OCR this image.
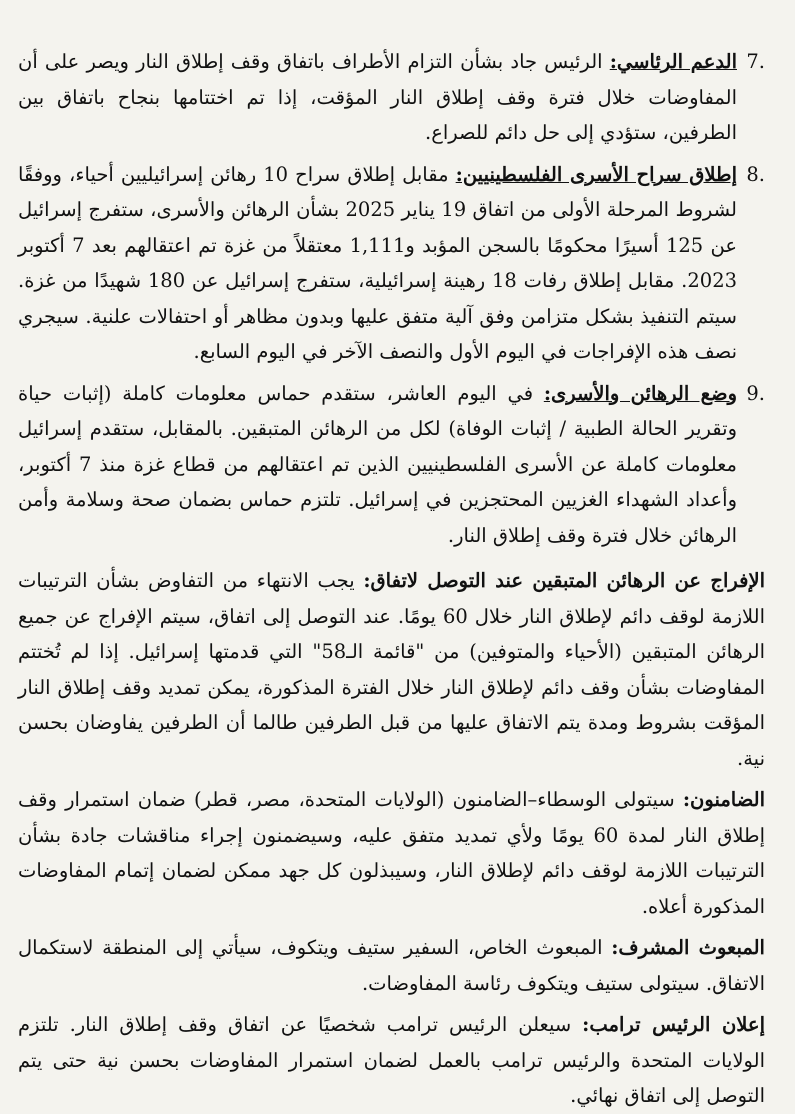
7.
الدعم الرئاسي: الرئيس جاد بشأن التزام الأطراف باتفاق وقف إطلاق النار ويصر على أن المفاوضات خلال فترة وقف إطلاق النار المؤقت، إذا تم اختتامها بنجاح باتفاق بين الطرفين، ستؤدي إلى حل دائم للصراع.

8.
إطلاق سراح الأسرى الفلسطينيين: مقابل إطلاق سراح 10 رهائن إسرائيليين أحياء، ووفقًا لشروط المرحلة الأولى من اتفاق 19 يناير 2025 بشأن الرهائن والأسرى، ستفرج إسرائيل عن 125 أسيرًا محكومًا بالسجن المؤبد و1,111 معتقلاً من غزة تم اعتقالهم بعد 7 أكتوبر 2023. مقابل إطلاق رفات 18 رهينة إسرائيلية، ستفرج إسرائيل عن 180 شهيدًا من غزة. سيتم التنفيذ بشكل متزامن وفق آلية متفق عليها وبدون مظاهر أو احتفالات علنية. سيجري نصف هذه الإفراجات في اليوم الأول والنصف الآخر في اليوم السابع.

9.
وضع الرهائن والأسرى: في اليوم العاشر، ستقدم حماس معلومات كاملة (إثبات حياة وتقرير الحالة الطبية / إثبات الوفاة) لكل من الرهائن المتبقين. بالمقابل، ستقدم إسرائيل معلومات كاملة عن الأسرى الفلسطينيين الذين تم اعتقالهم من قطاع غزة منذ 7 أكتوبر، وأعداد الشهداء الغزيين المحتجزين في إسرائيل. تلتزم حماس بضمان صحة وسلامة وأمن الرهائن خلال فترة وقف إطلاق النار.

الإفراج عن الرهائن المتبقين عند التوصل لاتفاق: يجب الانتهاء من التفاوض بشأن الترتيبات اللازمة لوقف دائم لإطلاق النار خلال 60 يومًا. عند التوصل إلى اتفاق، سيتم الإفراج عن جميع الرهائن المتبقين (الأحياء والمتوفين) من "قائمة الـ58" التي قدمتها إسرائيل. إذا لم تُختتم المفاوضات بشأن وقف دائم لإطلاق النار خلال الفترة المذكورة، يمكن تمديد وقف إطلاق النار المؤقت بشروط ومدة يتم الاتفاق عليها من قبل الطرفين طالما أن الطرفين يفاوضان بحسن نية.

الضامنون: سيتولى الوسطاء–الضامنون (الولايات المتحدة، مصر، قطر) ضمان استمرار وقف إطلاق النار لمدة 60 يومًا ولأي تمديد متفق عليه، وسيضمنون إجراء مناقشات جادة بشأن الترتيبات اللازمة لوقف دائم لإطلاق النار، وسيبذلون كل جهد ممكن لضمان إتمام المفاوضات المذكورة أعلاه.

المبعوث المشرف: المبعوث الخاص، السفير ستيف ويتكوف، سيأتي إلى المنطقة لاستكمال الاتفاق. سيتولى ستيف ويتكوف رئاسة المفاوضات.

إعلان الرئيس ترامب: سيعلن الرئيس ترامب شخصيًا عن اتفاق وقف إطلاق النار. تلتزم الولايات المتحدة والرئيس ترامب بالعمل لضمان استمرار المفاوضات بحسن نية حتى يتم التوصل إلى اتفاق نهائي.
